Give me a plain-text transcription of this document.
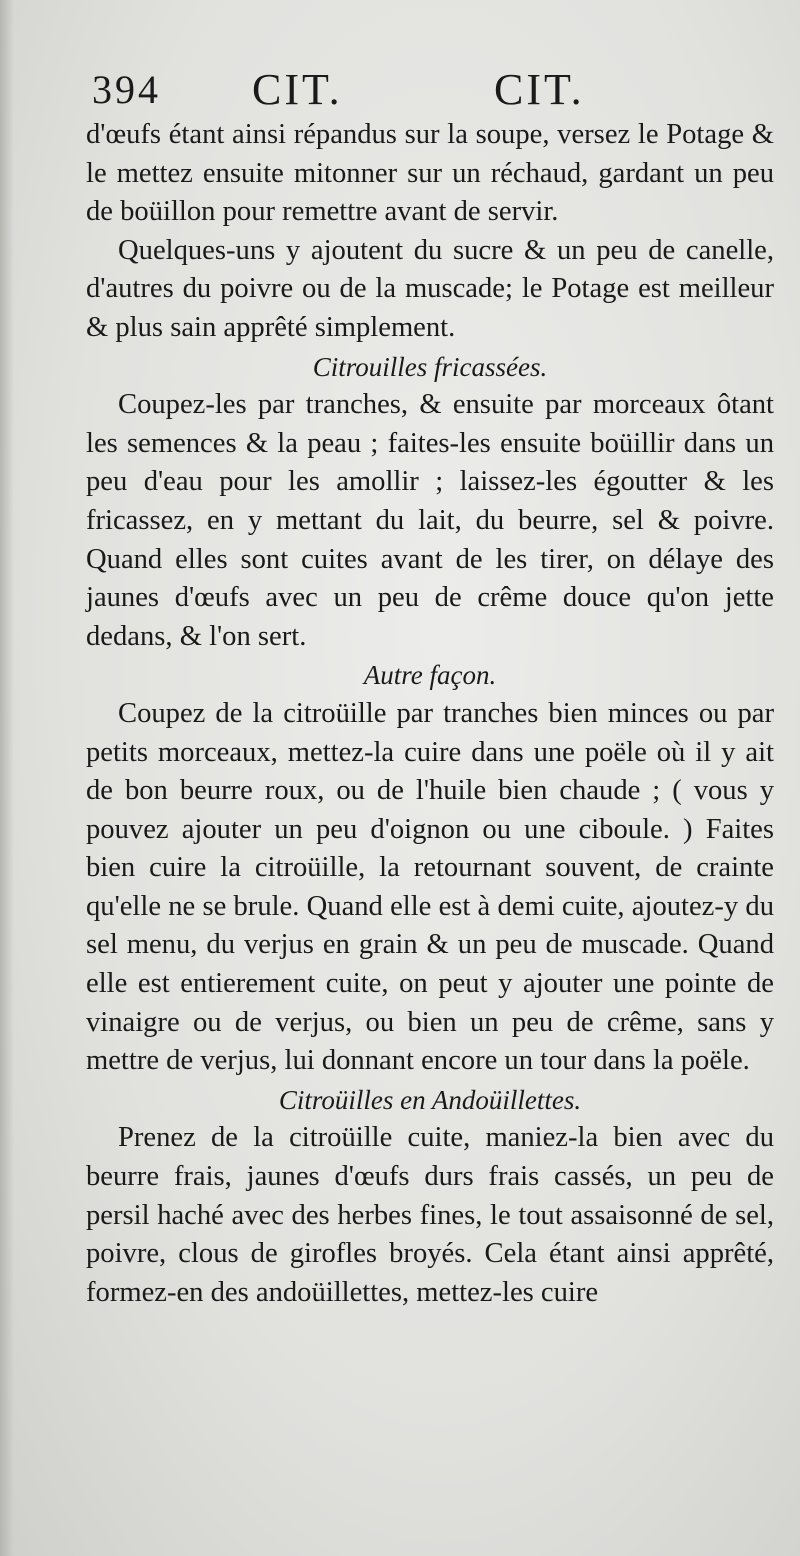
394 CIT.	CIT.

d'œufs étant ainsi répandus sur la soupe, versez le Potage & le mettez ensuite mitonner sur un réchaud, gardant un peu de boüillon pour remettre avant de servir.

Quelques-uns y ajoutent du sucre & un peu de canelle, d'autres du poivre ou de la muscade; le Potage est meilleur & plus sain apprêté simplement.

Citrouilles fricassées.

Coupez-les par tranches, & ensuite par morceaux ôtant les semences & la peau ; faites-les ensuite boüillir dans un peu d'eau pour les amollir ; laissez-les égoutter & les fricassez, en y mettant du lait, du beurre, sel & poivre. Quand elles sont cuites avant de les tirer, on délaye des jaunes d'œufs avec un peu de crême douce qu'on jette dedans, & l'on sert.

Autre façon.

Coupez de la citroüille par tranches bien minces ou par petits morceaux, mettez-la cuire dans une poële où il y ait de bon beurre roux, ou de l'huile bien chaude ; ( vous y pouvez ajouter un peu d'oignon ou une ciboule. ) Faites bien cuire la citroüille, la retournant souvent, de crainte qu'elle ne se brule. Quand elle est à demi cuite, ajoutez-y du sel menu, du verjus en grain & un peu de muscade. Quand elle est entierement cuite, on peut y ajouter une pointe de vinaigre ou de verjus, ou bien un peu de crême, sans y mettre de verjus, lui donnant encore un tour dans la poële.

Citroüilles en Andoüillettes.

Prenez de la citroüille cuite, maniez-la bien avec du beurre frais, jaunes d'œufs durs frais cassés, un peu de persil haché avec des herbes fines, le tout assaisonné de sel, poivre, clous de girofles broyés. Cela étant ainsi apprêté, formez-en des andoüillettes, mettez-les cuire
